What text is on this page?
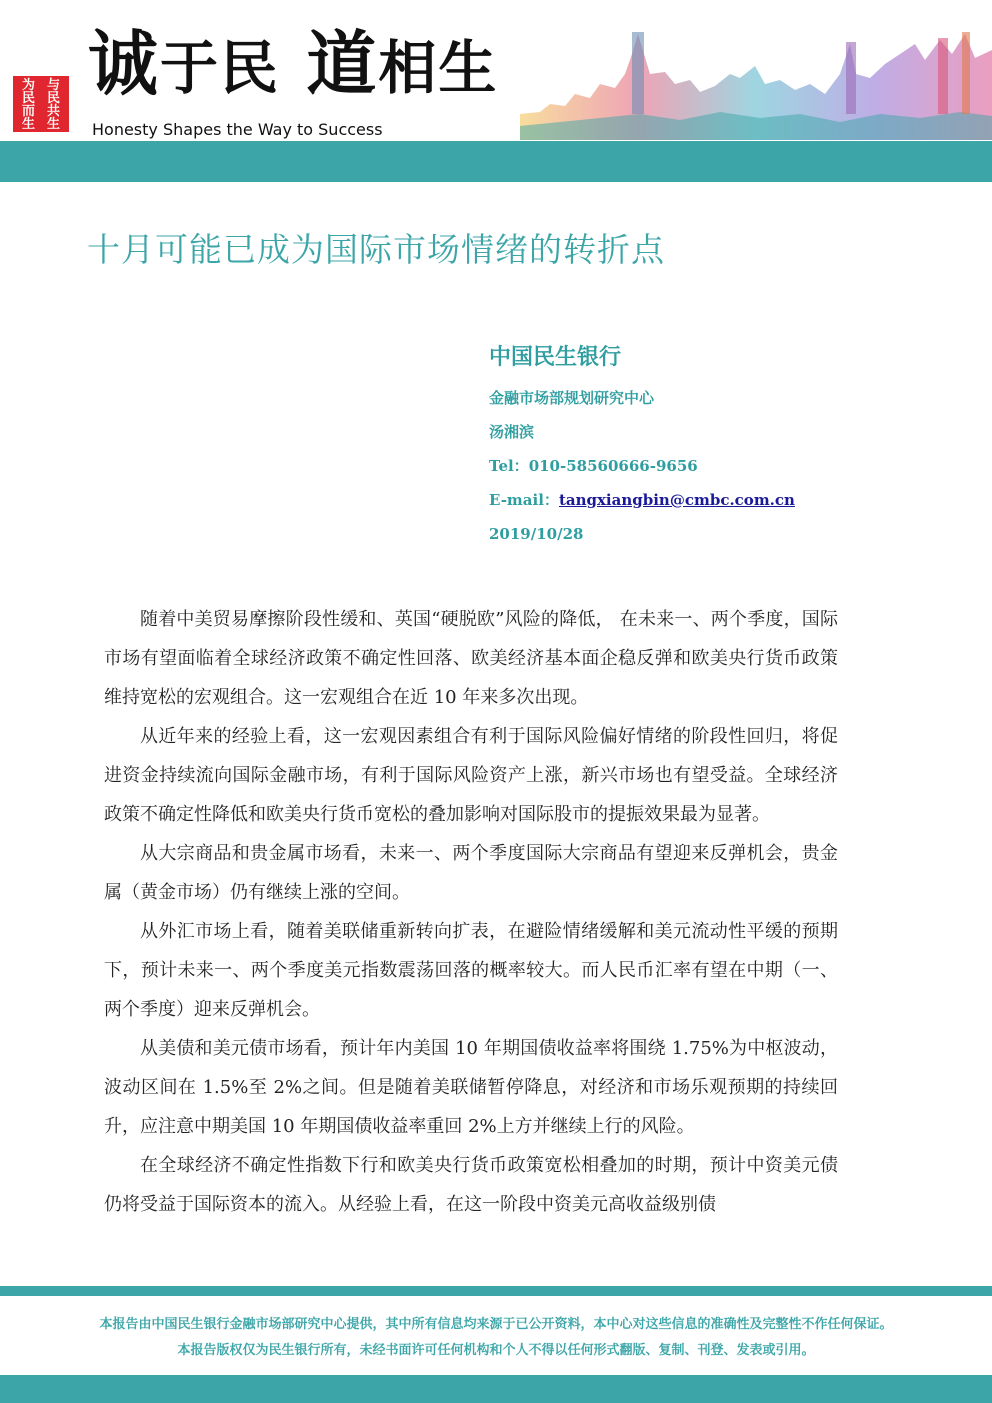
为民
与民
而生
共生
诚于民 道相生
Honesty Shapes the Way to Success
十月可能已成为国际市场情绪的转折点
中国民生银行
金融市场部规划研究中心
汤湘滨
Tel：010-58560666-9656
E-mail：tangxiangbin@cmbc.com.cn
2019/10/28

随着中美贸易摩擦阶段性缓和、英国“硬脱欧”风险的降低， 在未来一、两个季度，国际市场有望面临着全球经济政策不确定性回落、欧美经济基本面企稳反弹和欧美央行货币政策维持宽松的宏观组合。这一宏观组合在近 10 年来多次出现。

从近年来的经验上看，这一宏观因素组合有利于国际风险偏好情绪的阶段性回归，将促进资金持续流向国际金融市场，有利于国际风险资产上涨，新兴市场也有望受益。全球经济政策不确定性降低和欧美央行货币宽松的叠加影响对国际股市的提振效果最为显著。

从大宗商品和贵金属市场看，未来一、两个季度国际大宗商品有望迎来反弹机会，贵金属（黄金市场）仍有继续上涨的空间。

从外汇市场上看，随着美联储重新转向扩表，在避险情绪缓解和美元流动性平缓的预期下，预计未来一、两个季度美元指数震荡回落的概率较大。而人民币汇率有望在中期（一、两个季度）迎来反弹机会。

从美债和美元债市场看，预计年内美国 10 年期国债收益率将围绕 1.75%为中枢波动，波动区间在 1.5%至 2%之间。但是随着美联储暂停降息，对经济和市场乐观预期的持续回升，应注意中期美国 10 年期国债收益率重回 2%上方并继续上行的风险。

在全球经济不确定性指数下行和欧美央行货币政策宽松相叠加的时期，预计中资美元债仍将受益于国际资本的流入。从经验上看，在这一阶段中资美元高收益级别债

本报告由中国民生银行金融市场部研究中心提供，其中所有信息均来源于已公开资料，本中心对这些信息的准确性及完整性不作任何保证。
本报告版权仅为民生银行所有，未经书面许可任何机构和个人不得以任何形式翻版、复制、刊登、发表或引用。
